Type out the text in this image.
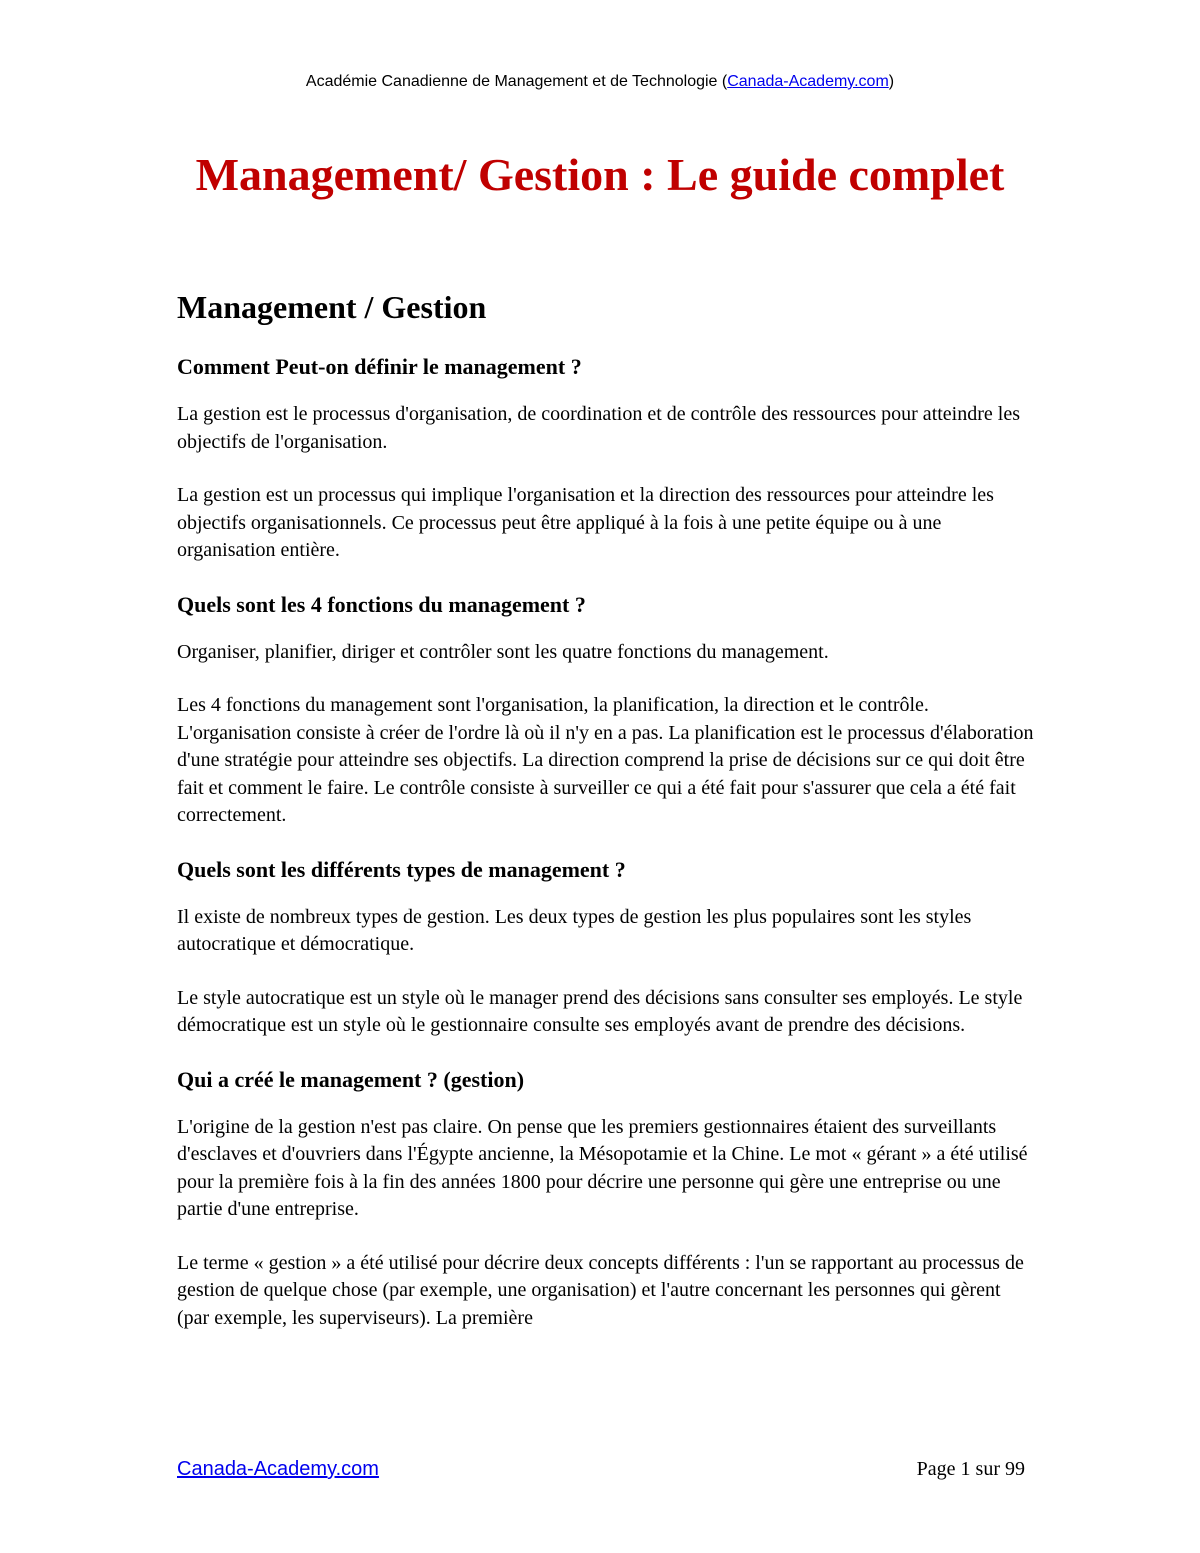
Académie Canadienne de Management et de Technologie (Canada-Academy.com)
Management/ Gestion : Le guide complet
Management / Gestion
Comment Peut-on définir le management ?

La gestion est le processus d'organisation, de coordination et de contrôle des ressources pour atteindre les objectifs de l'organisation.

La gestion est un processus qui implique l'organisation et la direction des ressources pour atteindre les objectifs organisationnels. Ce processus peut être appliqué à la fois à une petite équipe ou à une organisation entière.

Quels sont les 4 fonctions du management ?

Organiser, planifier, diriger et contrôler sont les quatre fonctions du management.

Les 4 fonctions du management sont l'organisation, la planification, la direction et le contrôle. L'organisation consiste à créer de l'ordre là où il n'y en a pas. La planification est le processus d'élaboration d'une stratégie pour atteindre ses objectifs. La direction comprend la prise de décisions sur ce qui doit être fait et comment le faire. Le contrôle consiste à surveiller ce qui a été fait pour s'assurer que cela a été fait correctement.

Quels sont les différents types de management ?

Il existe de nombreux types de gestion. Les deux types de gestion les plus populaires sont les styles autocratique et démocratique.

Le style autocratique est un style où le manager prend des décisions sans consulter ses employés. Le style démocratique est un style où le gestionnaire consulte ses employés avant de prendre des décisions.

Qui a créé le management ? (gestion)

L'origine de la gestion n'est pas claire. On pense que les premiers gestionnaires étaient des surveillants d'esclaves et d'ouvriers dans l'Égypte ancienne, la Mésopotamie et la Chine. Le mot « gérant » a été utilisé pour la première fois à la fin des années 1800 pour décrire une personne qui gère une entreprise ou une partie d'une entreprise.

Le terme « gestion » a été utilisé pour décrire deux concepts différents : l'un se rapportant au processus de gestion de quelque chose (par exemple, une organisation) et l'autre concernant les personnes qui gèrent (par exemple, les superviseurs). La première

Canada-Academy.com	Page 1 sur 99
